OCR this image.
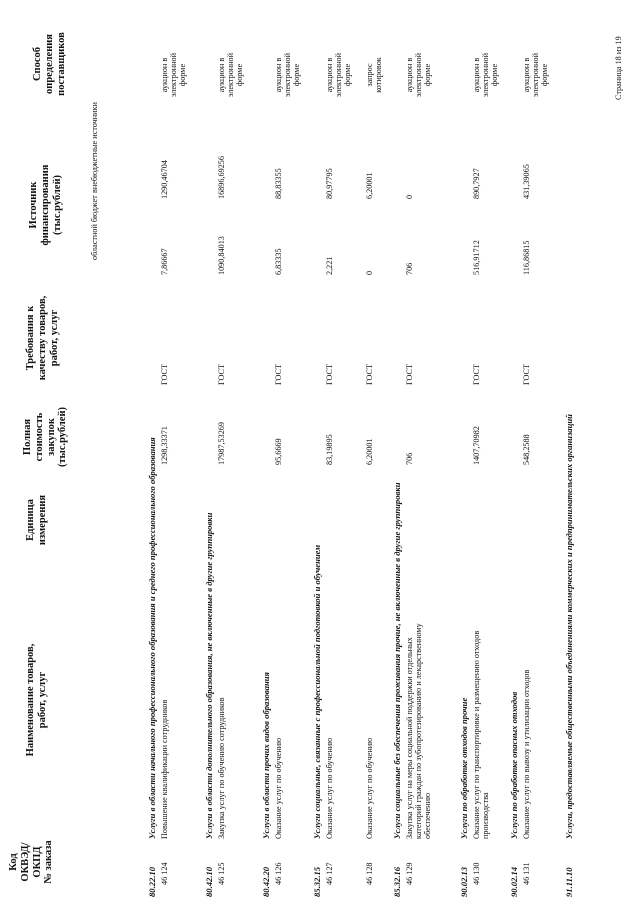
Код ОКВЭД/ ОКПД № заказа
Наименование товаров, работ, услуг
Единица измерения
Полная стоимость закупок (тыс.рублей)
Требования к качеству товаров, работ, услуг
Источник финансирования (тыс.рублей)	областной бюджет
внебюджетные источники
Способ определения поставщиков
80.22.10
Услуги в области начального профессионального образования и среднего профессионального образования
46 124
Повышение квалификации сотрудников
1298,33371
ГОСТ
7,86667
1290,46704
аукцион в электронной форме
80.42.10
Услуги в области дополнительного образования, не включенные в другие группировки
46 125
Закупка услуг по обучению сотрудников
17987,53269
ГОСТ
1090,84013
16896,69256
аукцион в электронной форме
80.42.20
Услуги в области прочих видов образования
46 126
Оказание услуг по обучению
95,6669
ГОСТ
6,83335
88,83355
аукцион в электронной форме
85.32.15
Услуги социальные, связанные с профессиональной подготовкой и обучением
46 127
Оказание услуг по обучению
83,19895
ГОСТ
2,221
80,97795
аукцион в электронной форме
46 128
Оказание услуг по обучению
6,20001
ГОСТ
0
6,20001
запрос котировок
85.32.16
Услуги социальные без обеспечения проживания прочие, не включенные в другие группировки
46 129
Закупка услуг на меры социальной поддержки отдельных категорий граждан по зубопротезированию и лекарственному обеспечению
706
ГОСТ
706
0
аукцион в электронной форме
90.02.13
Услуги по обработке отходов прочие
46 130
Оказание услуг по транспортировке и размещению отходов производства
1407,70982
ГОСТ
516,91712
890,7927
аукцион в электронной форме
90.02.14
Услуги по обработке опасных отходов
46 131
Оказание услуг по вывозу и утилизации отходов
548,2588
ГОСТ
116,86815
431,39065
аукцион в электронной форме
91.11.10
Услуги, предоставляемые общественными объединениями коммерческих и предпринимательских организаций
Страница 18 из 19
